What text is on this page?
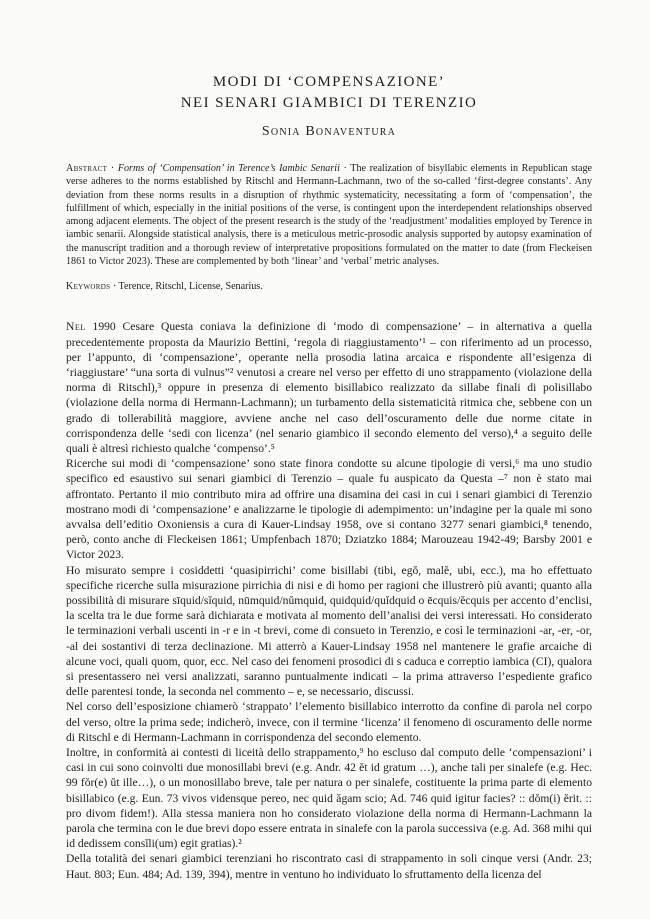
MODI DI ‘COMPENSAZIONE’
NEI SENARI GIAMBICI DI TERENZIO
Sonia Bonaventura

Abstract · Forms of ‘Compensation’ in Terence’s Iambic Senarii · The realization of bisyllabic elements in Republican stage verse adheres to the norms established by Ritschl and Hermann-Lachmann, two of the so-called ‘first-degree constants’. Any deviation from these norms results in a disruption of rhythmic systematicity, necessitating a form of ‘compensation’, the fulfillment of which, especially in the initial positions of the verse, is contingent upon the interdependent relationships observed among adjacent elements. The object of the present research is the study of the ‘readjustment’ modalities employed by Terence in iambic senarii. Alongside statistical analysis, there is a meticulous metric-prosodic analysis supported by autopsy examination of the manuscript tradition and a thorough review of interpretative propositions formulated on the matter to date (from Fleckeisen 1861 to Victor 2023). These are complemented by both ‘linear’ and ‘verbal’ metric analyses.

Keywords · Terence, Ritschl, License, Senarius.

Nel 1990 Cesare Questa coniava la definizione di ‘modo di compensazione’ – in alternativa a quella precedentemente proposta da Maurizio Bettini, ‘regola di riaggiustamento’¹ – con riferimento ad un processo, per l’appunto, di ‘compensazione’, operante nella prosodia latina arcaica e rispondente all’esigenza di ‘riaggiustare’ “una sorta di vulnus”² venutosi a creare nel verso per effetto di uno strappamento (violazione della norma di Ritschl),³ oppure in presenza di elemento bisillabico realizzato da sillabe finali di polisillabo (violazione della norma di Hermann-Lachmann); un turbamento della sistematicità ritmica che, sebbene con un grado di tollerabilità maggiore, avviene anche nel caso dell’oscuramento delle due norme citate in corrispondenza delle ‘sedi con licenza’ (nel senario giambico il secondo elemento del verso),⁴ a seguito delle quali è altresì richiesto qualche ‘compenso’.⁵

Ricerche sui modi di ‘compensazione’ sono state finora condotte su alcune tipologie di versi,⁶ ma uno studio specifico ed esaustivo sui senari giambici di Terenzio – quale fu auspicato da Questa –⁷ non è stato mai affrontato. Pertanto il mio contributo mira ad offrire una disamina dei casi in cui i senari giambici di Terenzio mostrano modi di ‘compensazione’ e analizzarne le tipologie di adempimento: un’indagine per la quale mi sono avvalsa dell’editio Oxoniensis a cura di Kauer-Lindsay 1958, ove si contano 3277 senari giambici,⁸ tenendo, però, conto anche di Fleckeisen 1861; Umpfenbach 1870; Dziatzko 1884; Marouzeau 1942-49; Barsby 2001 e Victor 2023.

Ho misurato sempre i cosiddetti ‘quasipirrichi’ come bisillabi (tibi, egŏ, malĕ, ubi, ecc.), ma ho effettuato specifiche ricerche sulla misurazione pirrichia di nisi e di homo per ragioni che illustrerò più avanti; quanto alla possibilità di misurare sīquid/sĭquid, nūmquid/nŭmquid, quidquid/quĭdquid o ēcquis/ĕcquis per accento d’enclisi, la scelta tra le due forme sarà dichiarata e motivata al momento dell’analisi dei versi interessati. Ho considerato le terminazioni verbali uscenti in -r e in -t brevi, come di consueto in Terenzio, e così le terminazioni -ar, -er, -or, -al dei sostantivi di terza declinazione. Mi atterrò a Kauer-Lindsay 1958 nel mantenere le grafie arcaiche di alcune voci, quali quom, quor, ecc. Nel caso dei fenomeni prosodici di s caduca e correptio iambica (CI), qualora si presentassero nei versi analizzati, saranno puntualmente indicati – la prima attraverso l’espediente grafico delle parentesi tonde, la seconda nel commento – e, se necessario, discussi.

Nel corso dell’esposizione chiamerò ‘strappato’ l’elemento bisillabico interrotto da confine di parola nel corpo del verso, oltre la prima sede; indicherò, invece, con il termine ‘licenza’ il fenomeno di oscuramento delle norme di Ritschl e di Hermann-Lachmann in corrispondenza del secondo elemento.

Inoltre, in conformità ai contesti di liceità dello strappamento,⁹ ho escluso dal computo delle ‘compensazioni’ i casi in cui sono coinvolti due monosillabi brevi (e.g. Andr. 42 ĕt id gratum …), anche tali per sinalefe (e.g. Hec. 99 fŏr(e) ŭt ille…), o un monosillabo breve, tale per natura o per sinalefe, costituente la prima parte di elemento bisillabico (e.g. Eun. 73 vivos vidensque pereo, nec quid ăgam scio; Ad. 746 quid igitur facies? :: dŏm(i) ĕrit. :: pro divom fidem!). Alla stessa maniera non ho considerato violazione della norma di Hermann-Lachmann la parola che termina con le due brevi dopo essere entrata in sinalefe con la parola successiva (e.g. Ad. 368 mihi qui id dedissem consĭli(um) egit gratias).²

Della totalità dei senari giambici terenziani ho riscontrato casi di strappamento in soli cinque versi (Andr. 23; Haut. 803; Eun. 484; Ad. 139, 394), mentre in ventuno ho individuato lo sfruttamento della licenza del
